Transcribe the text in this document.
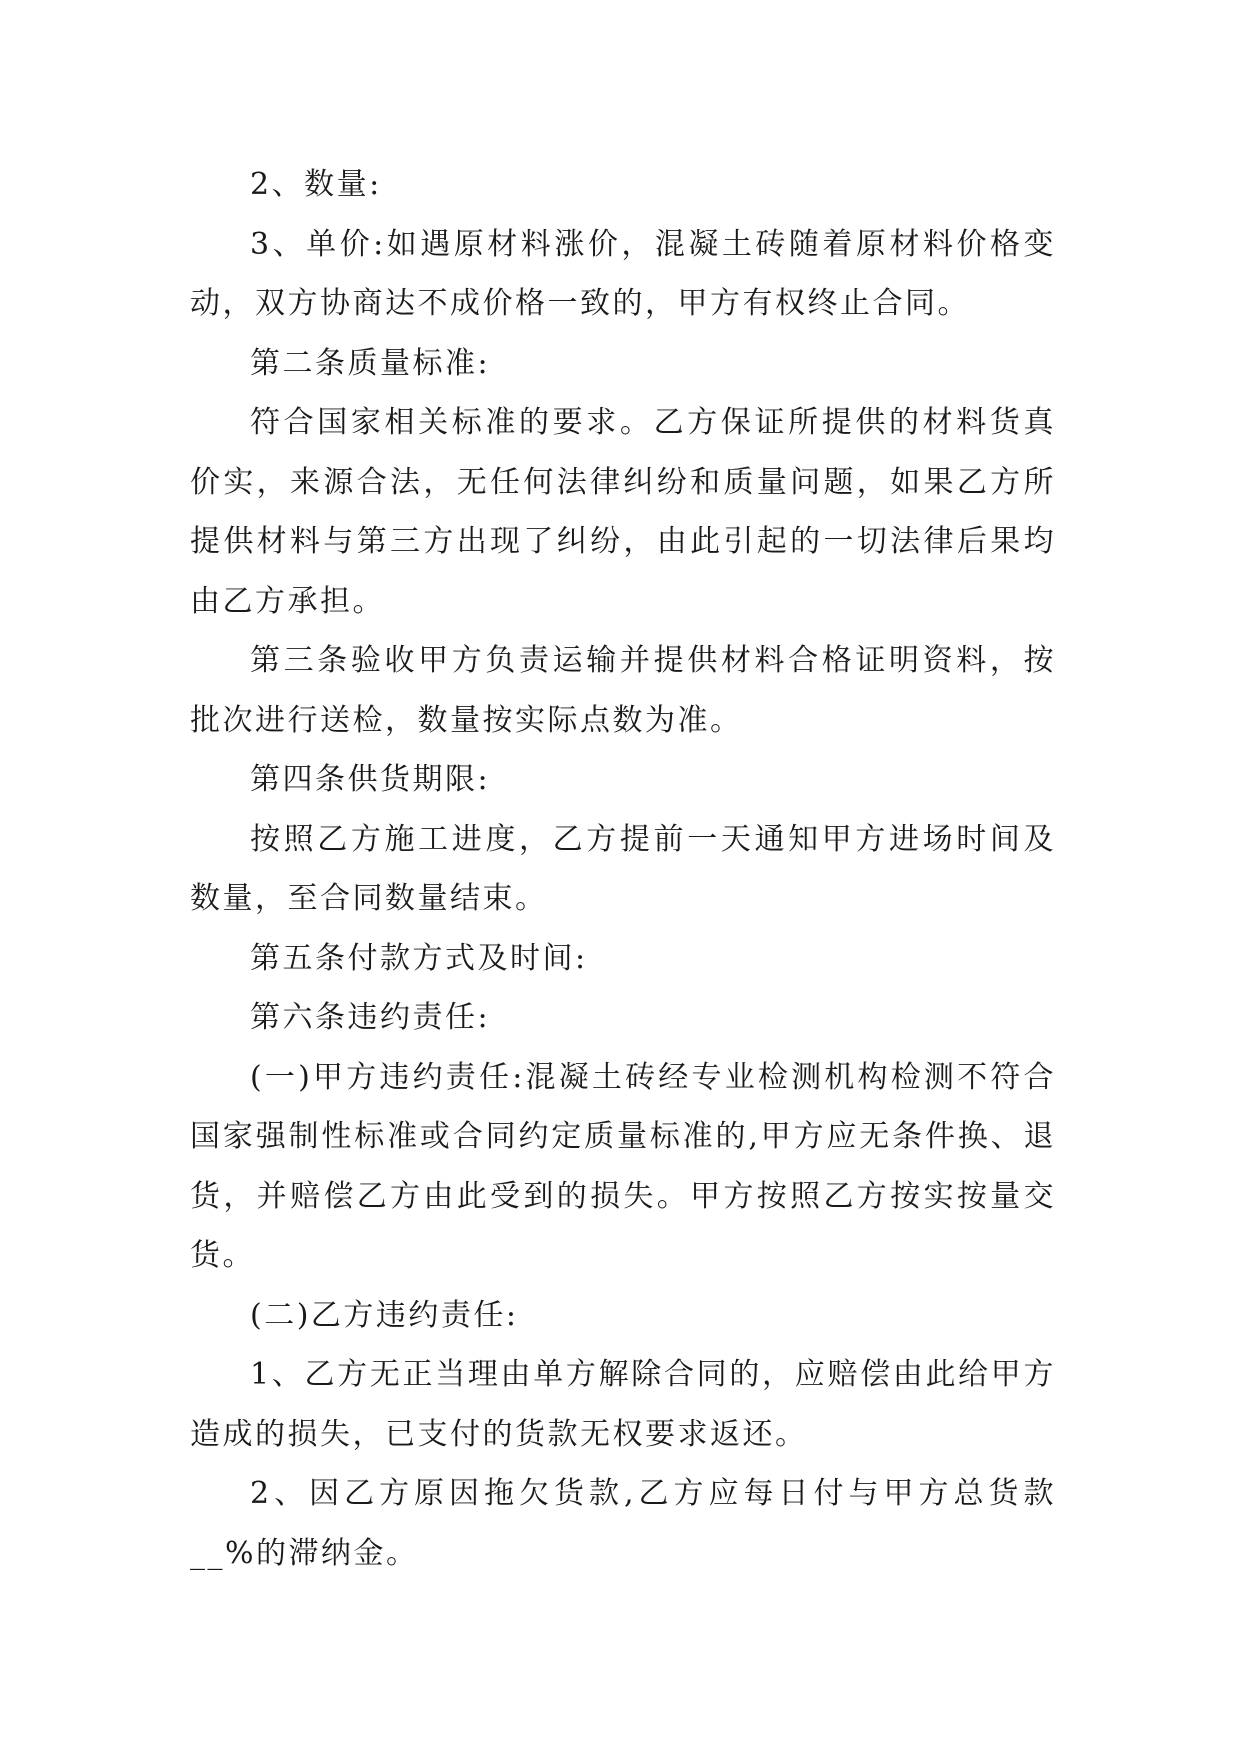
2、数量:

3、单价:如遇原材料涨价，混凝土砖随着原材料价格变动，双方协商达不成价格一致的，甲方有权终止合同。

第二条质量标准:

符合国家相关标准的要求。乙方保证所提供的材料货真价实，来源合法，无任何法律纠纷和质量问题，如果乙方所提供材料与第三方出现了纠纷，由此引起的一切法律后果均由乙方承担。

第三条验收甲方负责运输并提供材料合格证明资料，按批次进行送检，数量按实际点数为准。

第四条供货期限:

按照乙方施工进度，乙方提前一天通知甲方进场时间及数量，至合同数量结束。

第五条付款方式及时间:

第六条违约责任:

(一)甲方违约责任:混凝土砖经专业检测机构检测不符合国家强制性标准或合同约定质量标准的,甲方应无条件换、退货，并赔偿乙方由此受到的损失。甲方按照乙方按实按量交货。

(二)乙方违约责任:

1、乙方无正当理由单方解除合同的，应赔偿由此给甲方造成的损失，已支付的货款无权要求返还。

2、因乙方原因拖欠货款,乙方应每日付与甲方总货款__%的滞纳金。
